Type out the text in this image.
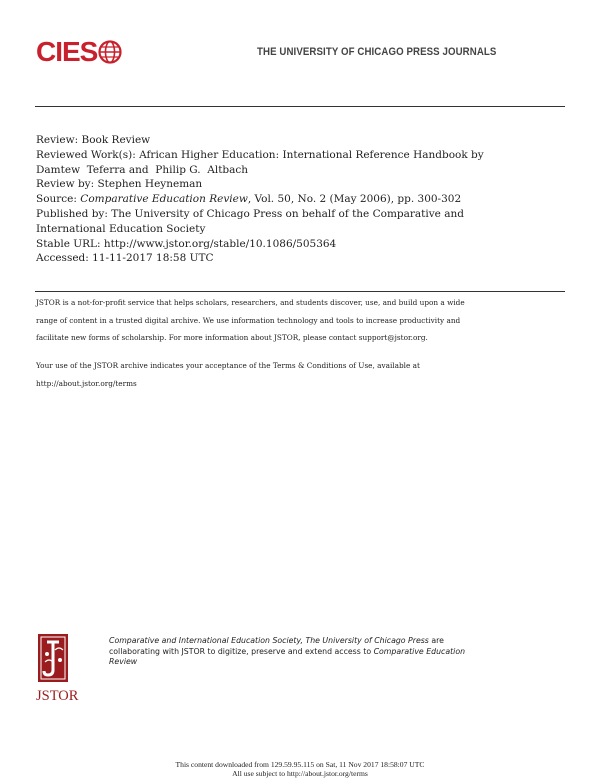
CIES	THE UNIVERSITY OF CHICAGO PRESS JOURNALS
Review: Book Review
Reviewed Work(s): African Higher Education: International Reference Handbook by
Damtew  Teferra and  Philip G.  Altbach
Review by: Stephen Heyneman
Source: Comparative Education Review, Vol. 50, No. 2 (May 2006), pp. 300-302
Published by: The University of Chicago Press on behalf of the Comparative and
International Education Society
Stable URL: http://www.jstor.org/stable/10.1086/505364
Accessed: 11-11-2017 18:58 UTC
JSTOR is a not-for-profit service that helps scholars, researchers, and students discover, use, and build upon a wide
range of content in a trusted digital archive. We use information technology and tools to increase productivity and
facilitate new forms of scholarship. For more information about JSTOR, please contact support@jstor.org.
Your use of the JSTOR archive indicates your acceptance of the Terms & Conditions of Use, available at
http://about.jstor.org/terms
JSTOR
Comparative and International Education Society, The University of Chicago Press are
collaborating with JSTOR to digitize, preserve and extend access to Comparative Education
Review
This content downloaded from 129.59.95.115 on Sat, 11 Nov 2017 18:58:07 UTC
All use subject to http://about.jstor.org/terms
